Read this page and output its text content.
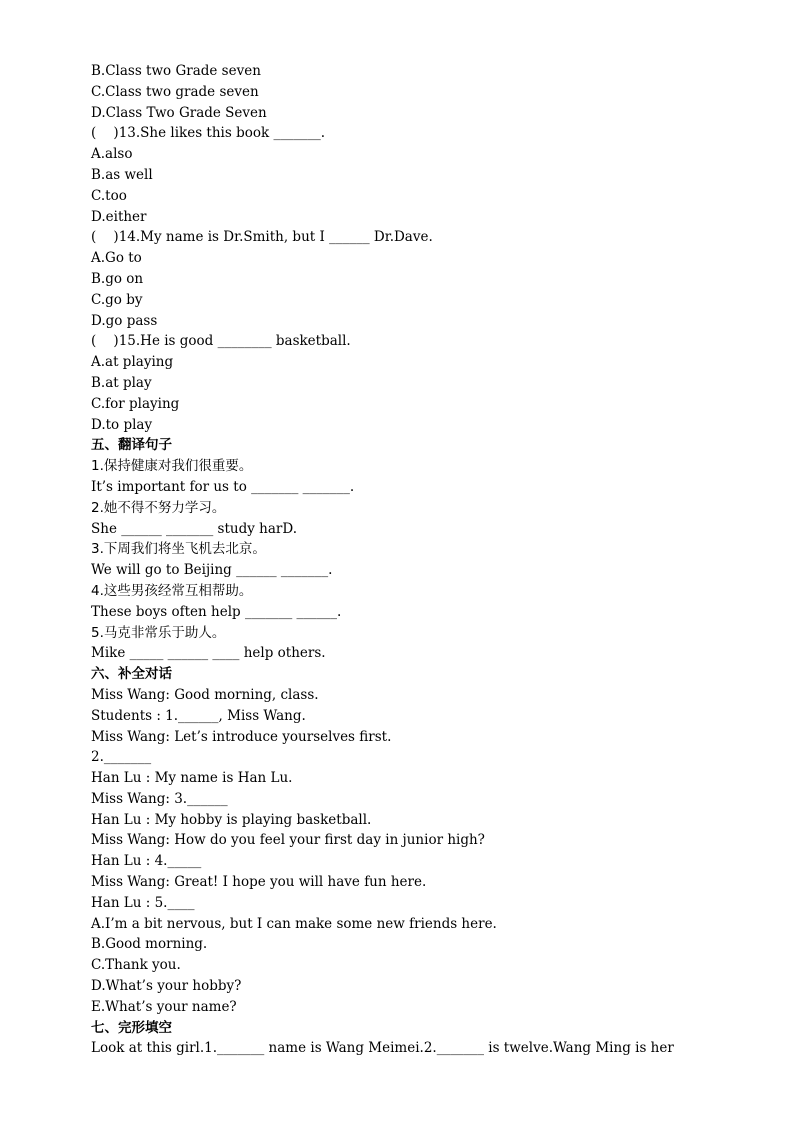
B.Class two Grade seven
C.Class two grade seven
D.Class Two Grade Seven
(    )13.She likes this book _______.
A.also
B.as well
C.too
D.either
(    )14.My name is Dr.Smith, but I ______ Dr.Dave.
A.Go to
B.go on
C.go by
D.go pass
(    )15.He is good ________ basketball.
A.at playing
B.at play
C.for playing
D.to play
五、翻译句子
1.保持健康对我们很重要。
It’s important for us to _______ _______.
2.她不得不努力学习。
She ______ _______ study harD.
3.下周我们将坐飞机去北京。
We will go to Beijing ______ _______.
4.这些男孩经常互相帮助。
These boys often help _______ ______.
5.马克非常乐于助人。
Mike _____ ______ ____ help others.
六、补全对话
Miss Wang: Good morning, class.
Students : 1.______, Miss Wang.
Miss Wang: Let’s introduce yourselves first.
2._______
Han Lu : My name is Han Lu.
Miss Wang: 3.______
Han Lu : My hobby is playing basketball.
Miss Wang: How do you feel your first day in junior high?
Han Lu : 4._____
Miss Wang: Great! I hope you will have fun here.
Han Lu : 5.____
A.I’m a bit nervous, but I can make some new friends here.
B.Good morning.
C.Thank you.
D.What’s your hobby?
E.What’s your name?
七、完形填空
Look at this girl.1._______ name is Wang Meimei.2._______ is twelve.Wang Ming is her
